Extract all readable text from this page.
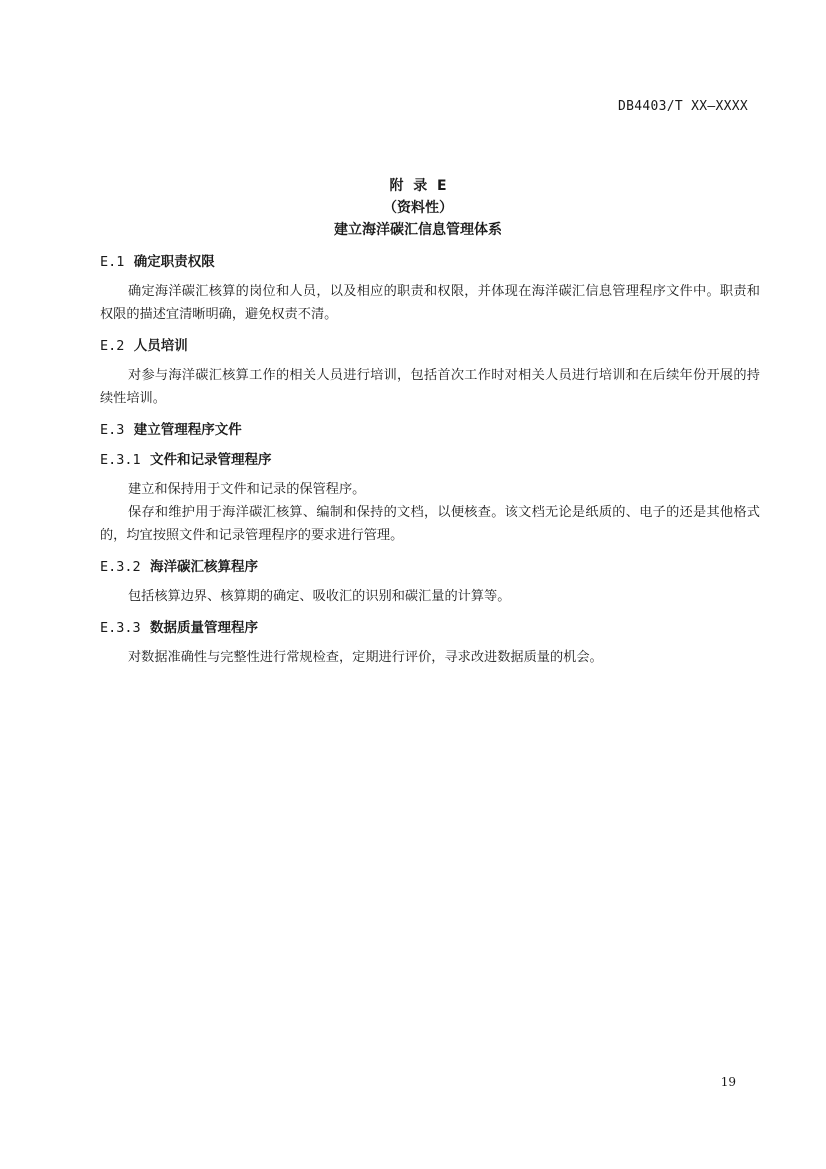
DB4403/T XX—XXXX
附  录  E
（资料性）
建立海洋碳汇信息管理体系
E.1 确定职责权限

确定海洋碳汇核算的岗位和人员，以及相应的职责和权限，并体现在海洋碳汇信息管理程序文件中。职责和权限的描述宜清晰明确，避免权责不清。

E.2 人员培训

对参与海洋碳汇核算工作的相关人员进行培训，包括首次工作时对相关人员进行培训和在后续年份开展的持续性培训。

E.3 建立管理程序文件
E.3.1 文件和记录管理程序

建立和保持用于文件和记录的保管程序。

保存和维护用于海洋碳汇核算、编制和保持的文档，以便核查。该文档无论是纸质的、电子的还是其他格式的，均宜按照文件和记录管理程序的要求进行管理。

E.3.2 海洋碳汇核算程序

包括核算边界、核算期的确定、吸收汇的识别和碳汇量的计算等。

E.3.3 数据质量管理程序

对数据准确性与完整性进行常规检查，定期进行评价，寻求改进数据质量的机会。

19
